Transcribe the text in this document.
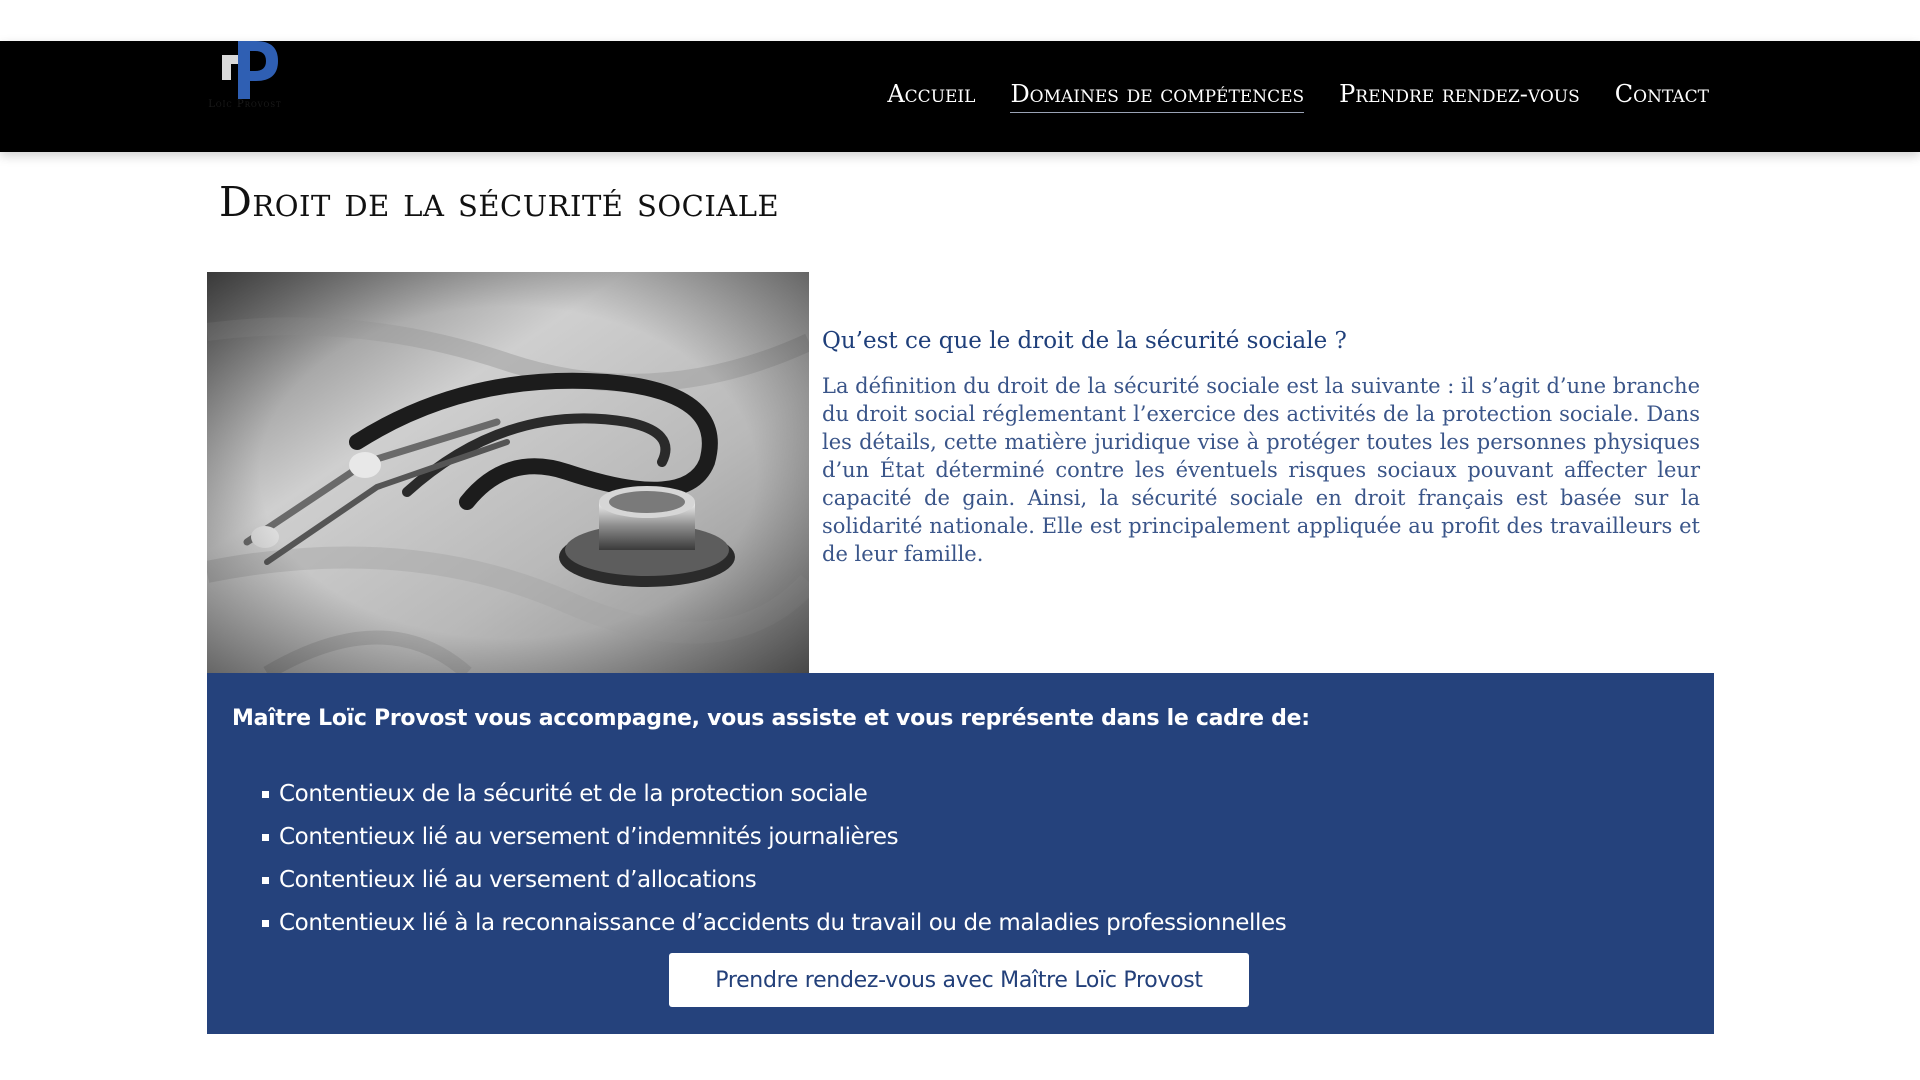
Loïc Provost	Accueil Domaines de compétences Prendre rendez-vous Contact
Droit de la sécurité sociale
Qu’est ce que le droit de la sécurité sociale ?

La définition du droit de la sécurité sociale est la suivante : il s’agit d’une branche du droit social réglementant l’exercice des activités de la protection sociale. Dans les détails, cette matière juridique vise à protéger toutes les personnes physiques d’un État déterminé contre les éventuels risques sociaux pouvant affecter leur capacité de gain. Ainsi, la sécurité sociale en droit français est basée sur la solidarité nationale. Elle est principalement appliquée au profit des travailleurs et de leur famille.

Maître Loïc Provost vous accompagne, vous assiste et vous représente dans le cadre de:
Contentieux de la sécurité et de la protection sociale
Contentieux lié au versement d’indemnités journalières
Contentieux lié au versement d’allocations
Contentieux lié à la reconnaissance d’accidents du travail ou de maladies professionnelles
Prendre rendez-vous avec Maître Loïc Provost
